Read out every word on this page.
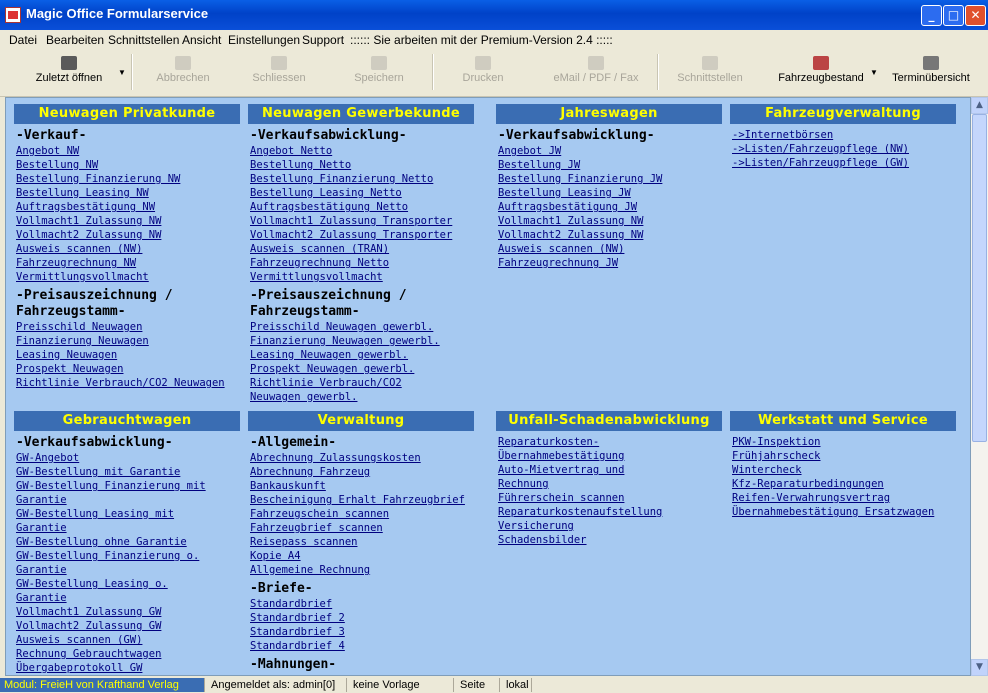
Magic Office Formularservice	_	□ ✕
Datei Bearbeiten Schnittstellen Ansicht Einstellungen Support :::::: Sie arbeiten mit der Premium-Version 2.4 :::::
Zuletzt öffnen	▼	Abbrechen	Schliessen	Speichern	Drucken	eMail / PDF / Fax	Schnittstellen	Fahrzeugbestand ▼ Terminübersicht
Neuwagen Privatkunde
-Verkauf-
Angebot NW
Bestellung NW
Bestellung Finanzierung NW
Bestellung Leasing NW
Auftragsbestätigung NW
Vollmacht1 Zulassung NW
Vollmacht2 Zulassung NW
Ausweis scannen (NW)
Fahrzeugrechnung NW
Vermittlungsvollmacht
-Preisauszeichnung /
Fahrzeugstamm-
Preisschild Neuwagen
Finanzierung Neuwagen
Leasing Neuwagen
Prospekt Neuwagen
Richtlinie Verbrauch/CO2 Neuwagen
Neuwagen Gewerbekunde
-Verkaufsabwicklung-
Angebot Netto
Bestellung Netto
Bestellung Finanzierung Netto
Bestellung Leasing Netto
Auftragsbestätigung Netto
Vollmacht1 Zulassung Transporter
Vollmacht2 Zulassung Transporter
Ausweis scannen (TRAN)
Fahrzeugrechnung Netto
Vermittlungsvollmacht
-Preisauszeichnung /
Fahrzeugstamm-
Preisschild Neuwagen gewerbl.
Finanzierung Neuwagen gewerbl.
Leasing Neuwagen gewerbl.
Prospekt Neuwagen gewerbl.
Richtlinie Verbrauch/CO2 Neuwagen gewerbl.
Jahreswagen
-Verkaufsabwicklung-
Angebot JW
Bestellung JW
Bestellung Finanzierung JW
Bestellung Leasing JW
Auftragsbestätigung JW
Vollmacht1 Zulassung NW
Vollmacht2 Zulassung NW
Ausweis scannen (NW)
Fahrzeugrechnung JW
Fahrzeugverwaltung
->Internetbörsen
->Listen/Fahrzeugpflege (NW)
->Listen/Fahrzeugpflege (GW)
Gebrauchtwagen
-Verkaufsabwicklung-
GW-Angebot
GW-Bestellung mit Garantie
GW-Bestellung Finanzierung mit Garantie
GW-Bestellung Leasing mit Garantie
GW-Bestellung ohne Garantie
GW-Bestellung Finanzierung o. Garantie
GW-Bestellung Leasing o. Garantie
Vollmacht1 Zulassung GW
Vollmacht2 Zulassung GW
Ausweis scannen (GW)
Rechnung Gebrauchtwagen
Übergabeprotokoll GW
Verwaltung
-Allgemein-
Abrechnung Zulassungskosten
Abrechnung Fahrzeug
Bankauskunft
Bescheinigung Erhalt Fahrzeugbrief
Fahrzeugschein scannen
Fahrzeugbrief scannen
Reisepass scannen
Kopie A4
Allgemeine Rechnung
-Briefe-
Standardbrief
Standardbrief 2
Standardbrief 3
Standardbrief 4
-Mahnungen-
Unfall-Schadenabwicklung
Reparaturkosten-Übernahmebestätigung
Auto-Mietvertrag und Rechnung
Führerschein scannen
Reparaturkostenaufstellung Versicherung
Schadensbilder
Werkstatt und Service
PKW-Inspektion
Frühjahrscheck
Wintercheck
Kfz-Reparaturbedingungen
Reifen-Verwahrungsvertrag
Übernahmebestätigung Ersatzwagen
▲
▼
Modul: FreieH von Krafthand Verlag	Angemeldet als: admin[0]	keine Vorlage	Seite	lokal
